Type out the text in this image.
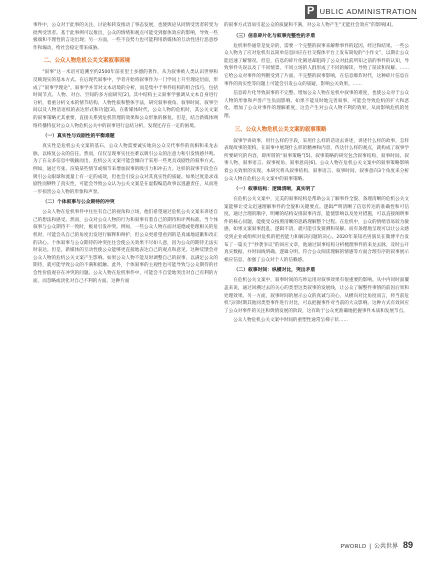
P UBLIC ADMINISTRATION

事件中，公众对于此事的关注、讨论和转发推动了事态发展，也使舆论从同情受害者转变为批判受害者。基于此事例可以推出，公众的情绪和观点可能受到群体效应的影响，导致一些极端和不理性的言论出现；另一方面，一些不良势力也可能利用新媒体的互动性进行恶意炒作和煽动，给社会稳定带来威胁。

二、公众人物危机公关文案叙事困境

“叙事”这一术语可追溯至约2500年前亚里士多德的著作，从为叙事被人类认识世界和反映现实的基本方式。在后现代叙事中，学者开始将叙事作为一门学问上升至理论层面，形成了“叙事学理论”。叙事学并非对文本语境的分析，而是集中于事件结构的组合技巧，包括时间节点、人物、对白、空间的多方面研究[2]。其中结构主义叙事学强调从文本自身进行分析，着重分析文本的情节结构、人物性质和整体手法，研究叙事视角、叙事时间、叙事空间以及人物话语权的表达形式和功能[3]。在新媒体时代，公众人物的危机时，其公关文案的叙事策略尤其重要，直接关系到危机管理的效果和公众形象的修复。但是，结合新媒体网络传播特征对公众人物危机公关中的叙事进行总结分析，发现还存在一定的困境。

（一）真实性与戏剧性的平衡难题

真实性是危机公关文案的基石，公众人物需要诚实地向公众交代事件的真相和来龙去脉，以恢复公众的信任。然而，仅仅呈现事实往往难以吸引公众的注意力和引发情感共鸣。为了在众多信息中脱颖而出，危机公关文案可能会倾向于采用一些更具戏剧性的叙事方式。例如，通过夸张、渲染某些情节或细节来增加叙事的吸引力和冲击力。这样的叙事手段会在吸引公众眼球和流量上有一定的成效，但也会引发公众对其真实性的质疑。如果过度追求戏剧性而牺牲了真实性，可能会导致公众认为公关文案是在虚假编造故事以逃避责任，从而进一步损害公众人物的形象和声誉。

（二）个体叙事与公众期待的冲突

公众人物在危机事件中往往有自己的视角和立场，他们希望通过危机公关文案来讲述自己的想法和感受。然而，公众对公众人物的行为和叙事有着自己的期待和评判标准。当个体叙事与公众期待不一致时，极易引发冲突。例如，一些公众人物在面对道德或伦理相关的危机时，可能会从自己的角度出发进行解释和辩护，但公众更希望看到的是真诚地道歉和改正的决心。个体叙事与公众期待的冲突往往会使公关效果不尽如人意，因为公众的期待无法实时表达。但是，新媒体的互动性使公众能够更直接地表达自己的观点和意见，这种反馈会对公众人物的危机公关文案产生影响。如果公众人物不能及时调整自己的叙事，以满足公众的期待，就可能导致公众的不满和抵触。此外，个体叙事的主观性也可能导致与公众期待的社会性价值观存在冲突的问题。公众人物在危机事件中，可能会不自觉地突出对自己有利的方面，而忽略或淡化对自己不利的方面。这种片面

的叙事方式容易引起公众的质疑和不满，对公众人物产生“无能社会效应”的影响[4]。

（三）信息碎片化与叙事完整性的矛盾

危机事件通常是复杂的，需要一个完整的叙事来解释事件的起因、经过和结果。一些公众人物为了应对危机有以简单信息回应在社交媒体平台上发布简短的“小作文”，以期让公众能迅速了解情况。但是，信息的碎片化阐述却阻碍了公众对此前所知之前的事件的认知，导致事件失误以及了不同情景、不同立场的人群形成了不同的解读，导致了误读和误解。……它给公众对事件的判断受到了片面、不完整的叙事影响，在信息爆炸时代，这种碎片信息在事件的真实性等问题上可能会引发公众的质疑，影响公关效果。……

信息碎片化导致叙事的不完整，增加公众人物在危机中叙事的难度，也使公众对于公众人物的形象和声誉产生负面影响。如果不能及时地完善叙事，可能会导致危机的扩大和恶化，增加了公众对事件的理解难度，这会产生对公众人物不利的效果，从而影响危机的处理。

三、公众人物危机公关文案的叙事策略

叙事学讲故事，用什么样的手段，采用什么样的话语去讲述，讲述什么样的故事，怎样表现故事的架构，在叙事中展现什么样的精神和内容，传达什么样的观点，就构成了叙事学所要研究的内容，即所谓的“叙事策略”[5]。叙事策略的研究包含叙事结构、叙事时间、叙事人物、叙事语言、叙事视角、叙事意向[6]。公众人物在危机公关文案中的叙事策略影响着公关效果的实现。本研究将从叙事结构、叙事语言、叙事时间、叙事意向3个角度来分析公众人物在危机公关文案中的叙事策略。

（一）叙事结构：逻辑清晰，真实明了

在危机公关文案中，完美的叙事结构是帮助公众了解事件全貌、条理清晰的危机公关文案能够让受众迅速理解事件的全貌和关键要点。逻辑严明清晰了信息传达的准确性和可信度。通过合理的顺序，明晰的结构安排叙事内容，能使影响以及处对措施，可以直接阐明事件的核心问题，能使受众按照清晰的思路理解整个过程。在危机中，公众的情绪容易较为敏感，如果文案叙事混乱、逻辑不清，就可能引发猜测和误解。而有条理地呈现可以让公众感受到企业或组织对危机的把控能力和解决问题的决心。2020年某知名男演员在微博平台发布了一篇关于“抄袭争议”的回应文章，他通过叙事结构分析梳理事件的来龙去脉，及时公开真实数据，并时间线明确、逻辑分明、符合公众阅读理解的情感等方面合理有序的叙事展示相应信息，加强了公众对个人的信赖感。

（二）叙事时间：纵横对比，突出矛盾

在危机公关文案中，叙事时间的巧妙运用对叙事效果有很重要的影响。从中内同时面覆盖来说，通过回溯过去的关心的类型这类叙事的发展线，让公众了解整件事情的前因后果和处理效果。另一方面，叙事时间的展示公众的真诚与决心，从横向对比角度而言，将当前危机与同时期其他同类型事件进行对比，可以把握事件对当前的大众影响。这种方式有效回应了公众对事件的关注和舆情发展的阶段，这有助于公众更准确地把握事件本质和发展节点。

公众人物危机公关文案中时间的重塑性通常呈梯子状……

PWORLD | 公共世界 89
